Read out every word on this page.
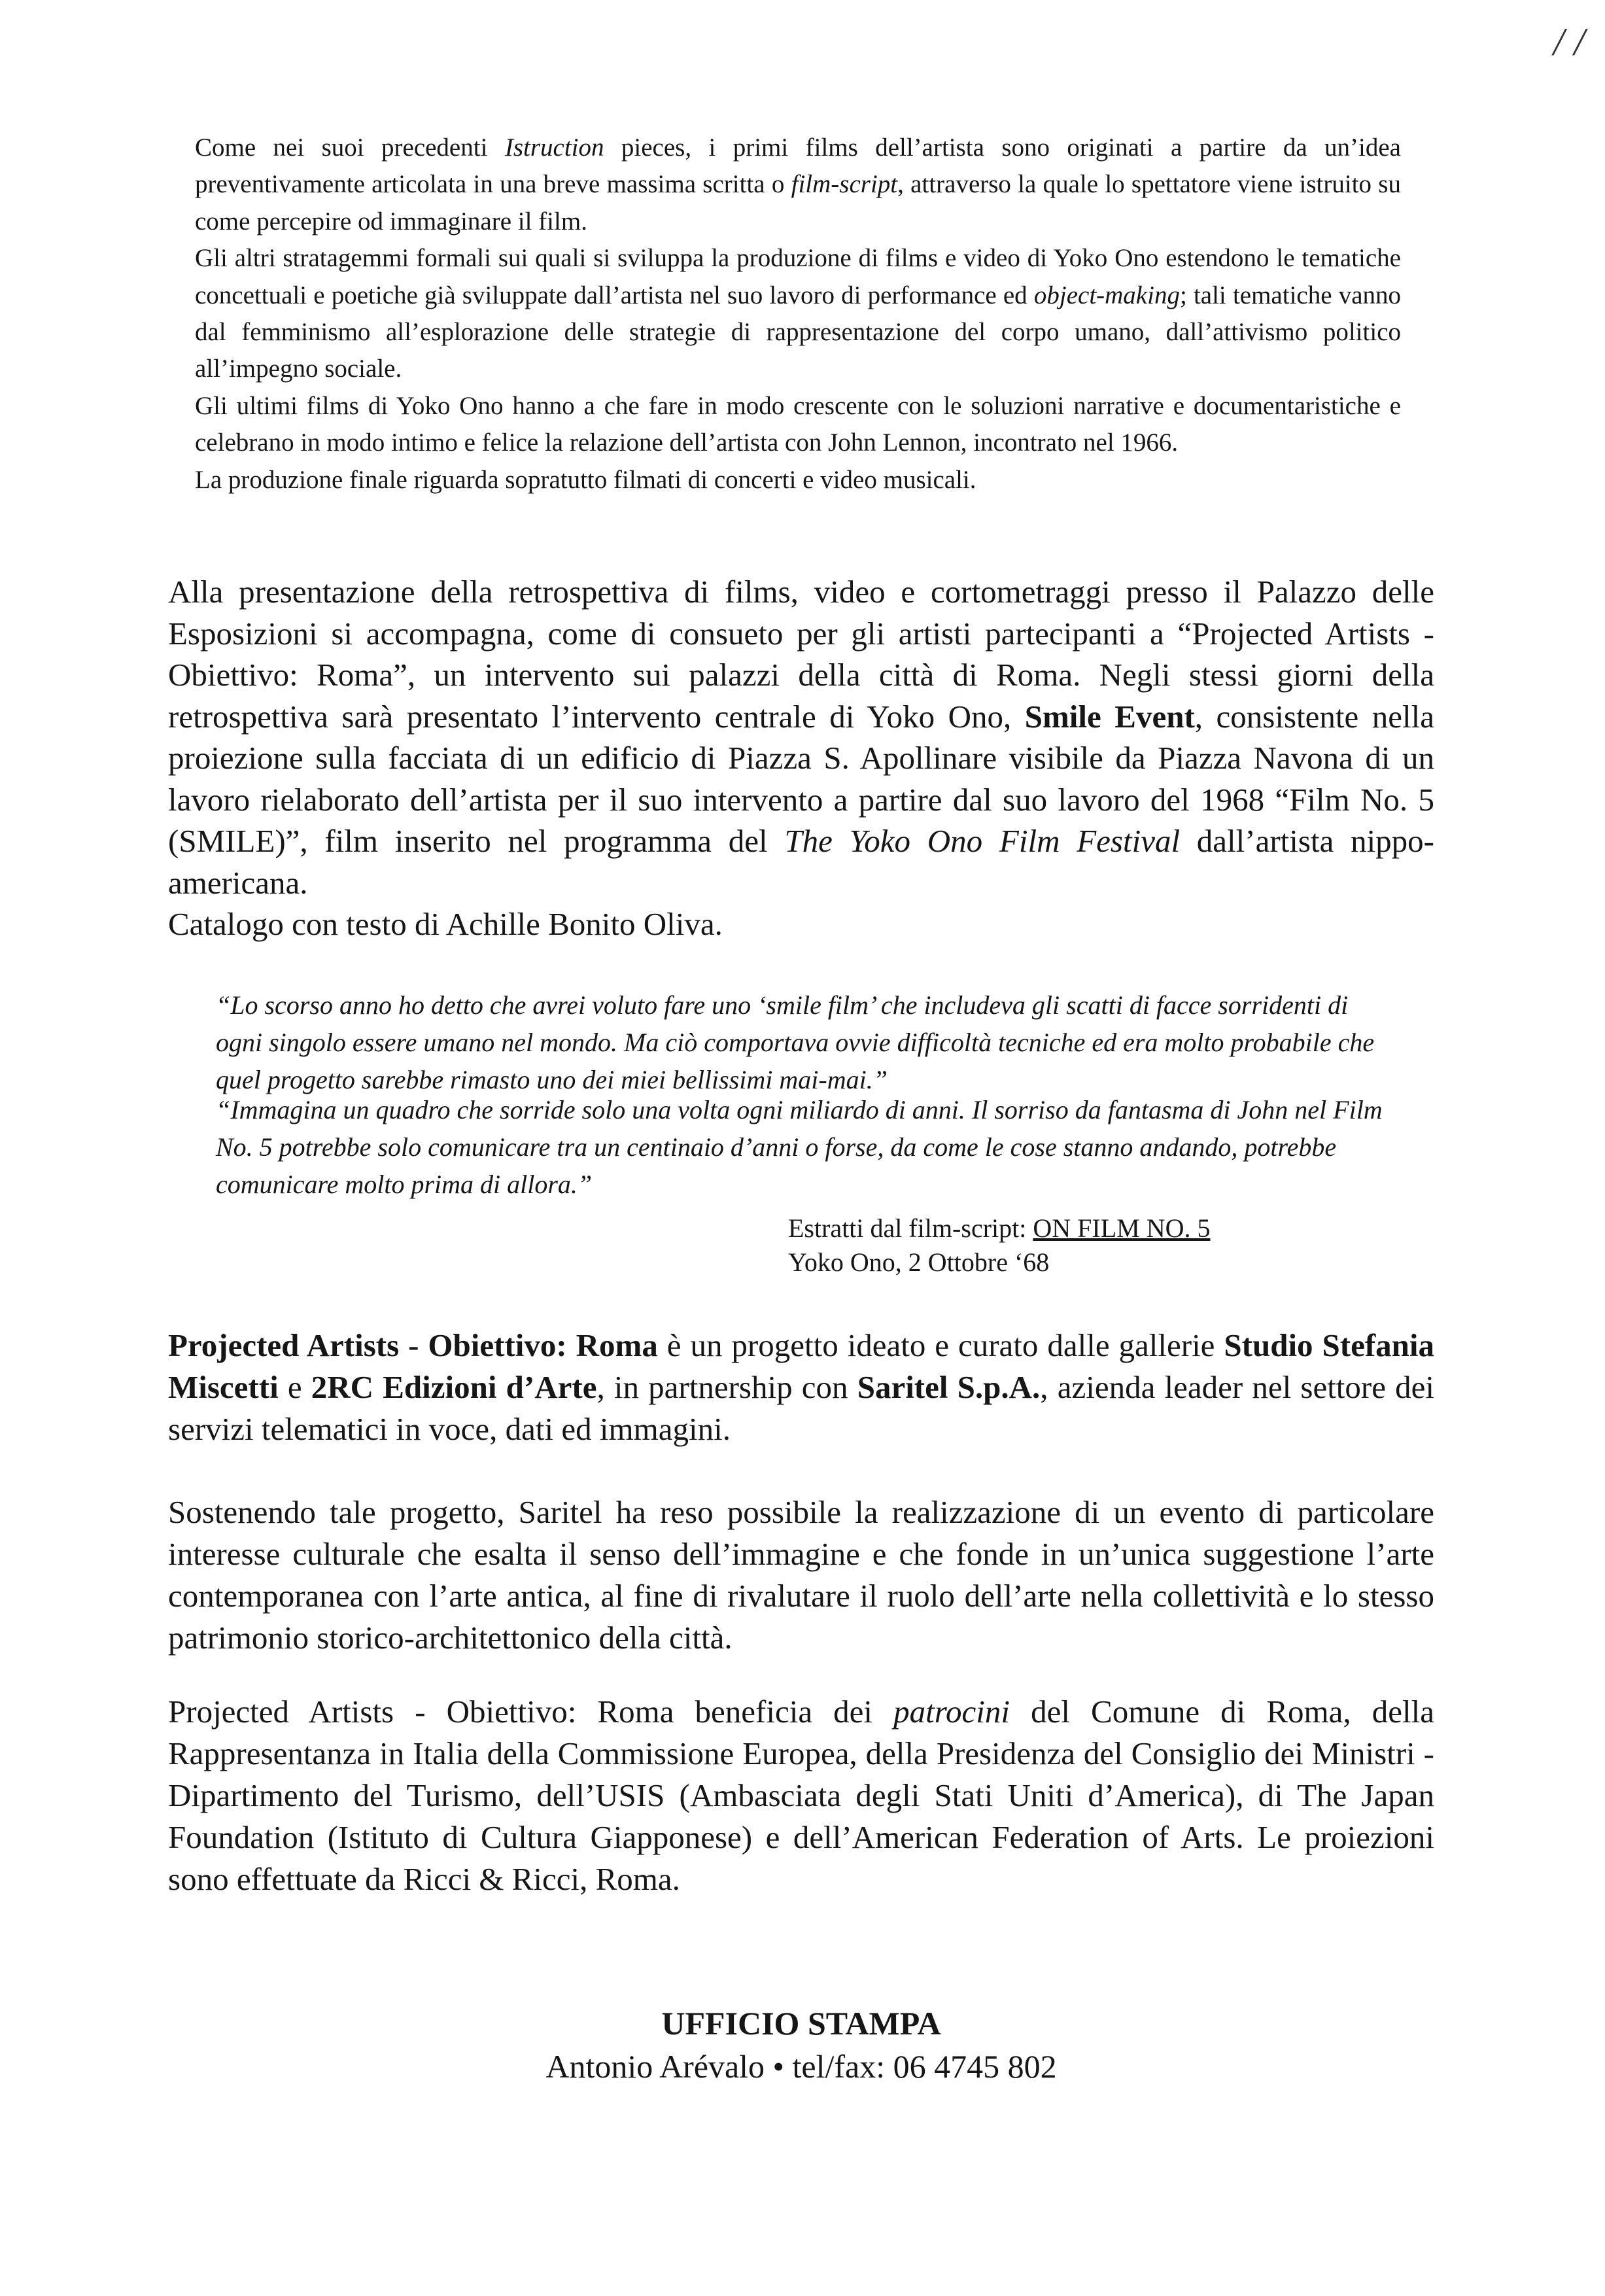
/ /

Come nei suoi precedenti Istruction pieces, i primi films dell’artista sono originati a partire da un’idea preventivamente articolata in una breve massima scritta o film-script, attraverso la quale lo spettatore viene istruito su come percepire od immaginare il film.

Gli altri stratagemmi formali sui quali si sviluppa la produzione di films e video di Yoko Ono estendono le tematiche concettuali e poetiche già sviluppate dall’artista nel suo lavoro di performance ed object-making; tali tematiche vanno dal femminismo all’esplorazione delle strategie di rappresentazione del corpo umano, dall’attivismo politico all’impegno sociale.

Gli ultimi films di Yoko Ono hanno a che fare in modo crescente con le soluzioni narrative e documentaristiche e celebrano in modo intimo e felice la relazione dell’artista con John Lennon, incontrato nel 1966.

La produzione finale riguarda sopratutto filmati di concerti e video musicali.

Alla presentazione della retrospettiva di films, video e cortometraggi presso il Palazzo delle Esposizioni si accompagna, come di consueto per gli artisti partecipanti a “Projected Artists - Obiettivo: Roma”, un intervento sui palazzi della città di Roma. Negli stessi giorni della retrospettiva sarà presentato l’intervento centrale di Yoko Ono, Smile Event, consistente nella proiezione sulla facciata di un edificio di Piazza S. Apollinare visibile da Piazza Navona di un lavoro rielaborato dell’artista per il suo intervento a partire dal suo lavoro del 1968 “Film No. 5 (SMILE)”, film inserito nel programma del The Yoko Ono Film Festival dall’artista nippo-americana.

Catalogo con testo di Achille Bonito Oliva.

“Lo scorso anno ho detto che avrei voluto fare uno ‘smile film’ che includeva gli scatti di facce sorridenti di ogni singolo essere umano nel mondo. Ma ciò comportava ovvie difficoltà tecniche ed era molto probabile che quel progetto sarebbe rimasto uno dei miei bellissimi mai-mai.”
“Immagina un quadro che sorride solo una volta ogni miliardo di anni. Il sorriso da fantasma di John nel Film No. 5 potrebbe solo comunicare tra un centinaio d’anni o forse, da come le cose stanno andando, potrebbe comunicare molto prima di allora.”
Estratti dal film-script: ON FILM NO. 5
Yoko Ono, 2 Ottobre ‘68

Projected Artists - Obiettivo: Roma è un progetto ideato e curato dalle gallerie Studio Stefania Miscetti e 2RC Edizioni d’Arte, in partnership con Saritel S.p.A., azienda leader nel settore dei servizi telematici in voce, dati ed immagini.

Sostenendo tale progetto, Saritel ha reso possibile la realizzazione di un evento di particolare interesse culturale che esalta il senso dell’immagine e che fonde in un’unica suggestione l’arte contemporanea con l’arte antica, al fine di rivalutare il ruolo dell’arte nella collettività e lo stesso patrimonio storico-architettonico della città.

Projected Artists - Obiettivo: Roma beneficia dei patrocini del Comune di Roma, della Rappresentanza in Italia della Commissione Europea, della Presidenza del Consiglio dei Ministri - Dipartimento del Turismo, dell’USIS (Ambasciata degli Stati Uniti d’America), di The Japan Foundation (Istituto di Cultura Giapponese) e dell’American Federation of Arts. Le proiezioni sono effettuate da Ricci & Ricci, Roma.

UFFICIO STAMPA
Antonio Arévalo • tel/fax: 06 4745 802
